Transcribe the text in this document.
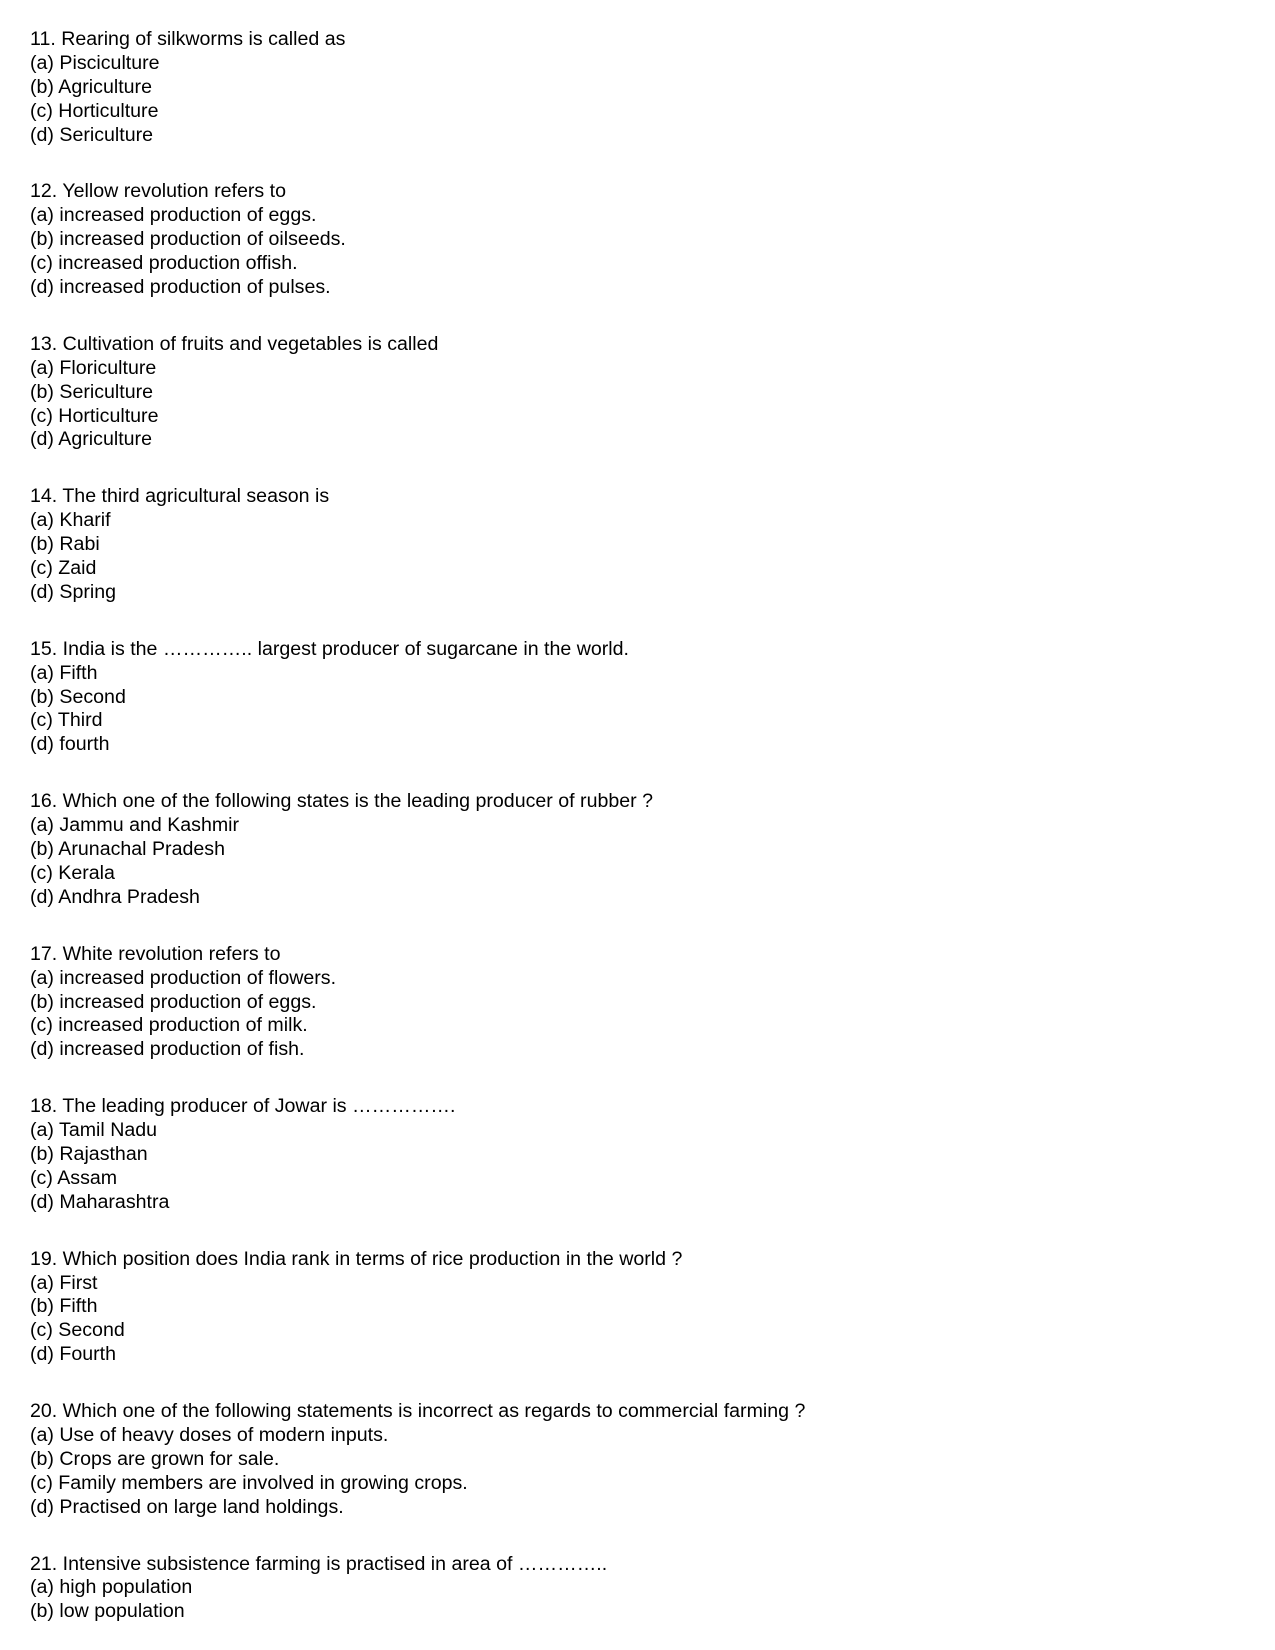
11. Rearing of silkworms is called as
(a) Pisciculture
(b) Agriculture
(c) Horticulture
(d) Sericulture
12. Yellow revolution refers to
(a) increased production of eggs.
(b) increased production of oilseeds.
(c) increased production offish.
(d) increased production of pulses.
13. Cultivation of fruits and vegetables is called
(a) Floriculture
(b) Sericulture
(c) Horticulture
(d) Agriculture
14. The third agricultural season is
(a) Kharif
(b) Rabi
(c) Zaid
(d) Spring
15. India is the ………….. largest producer of sugarcane in the world.
(a) Fifth
(b) Second
(c) Third
(d) fourth
16. Which one of the following states is the leading producer of rubber ?
(a) Jammu and Kashmir
(b) Arunachal Pradesh
(c) Kerala
(d) Andhra Pradesh
17. White revolution refers to
(a) increased production of flowers.
(b) increased production of eggs.
(c) increased production of milk.
(d) increased production of fish.
18. The leading producer of Jowar is …………….
(a) Tamil Nadu
(b) Rajasthan
(c) Assam
(d) Maharashtra
19. Which position does India rank in terms of rice production in the world ?
(a) First
(b) Fifth
(c) Second
(d) Fourth
20. Which one of the following statements is incorrect as regards to commercial farming ?
(a) Use of heavy doses of modern inputs.
(b) Crops are grown for sale.
(c) Family members are involved in growing crops.
(d) Practised on large land holdings.
21. Intensive subsistence farming is practised in area of …………..
(a) high population
(b) low population
